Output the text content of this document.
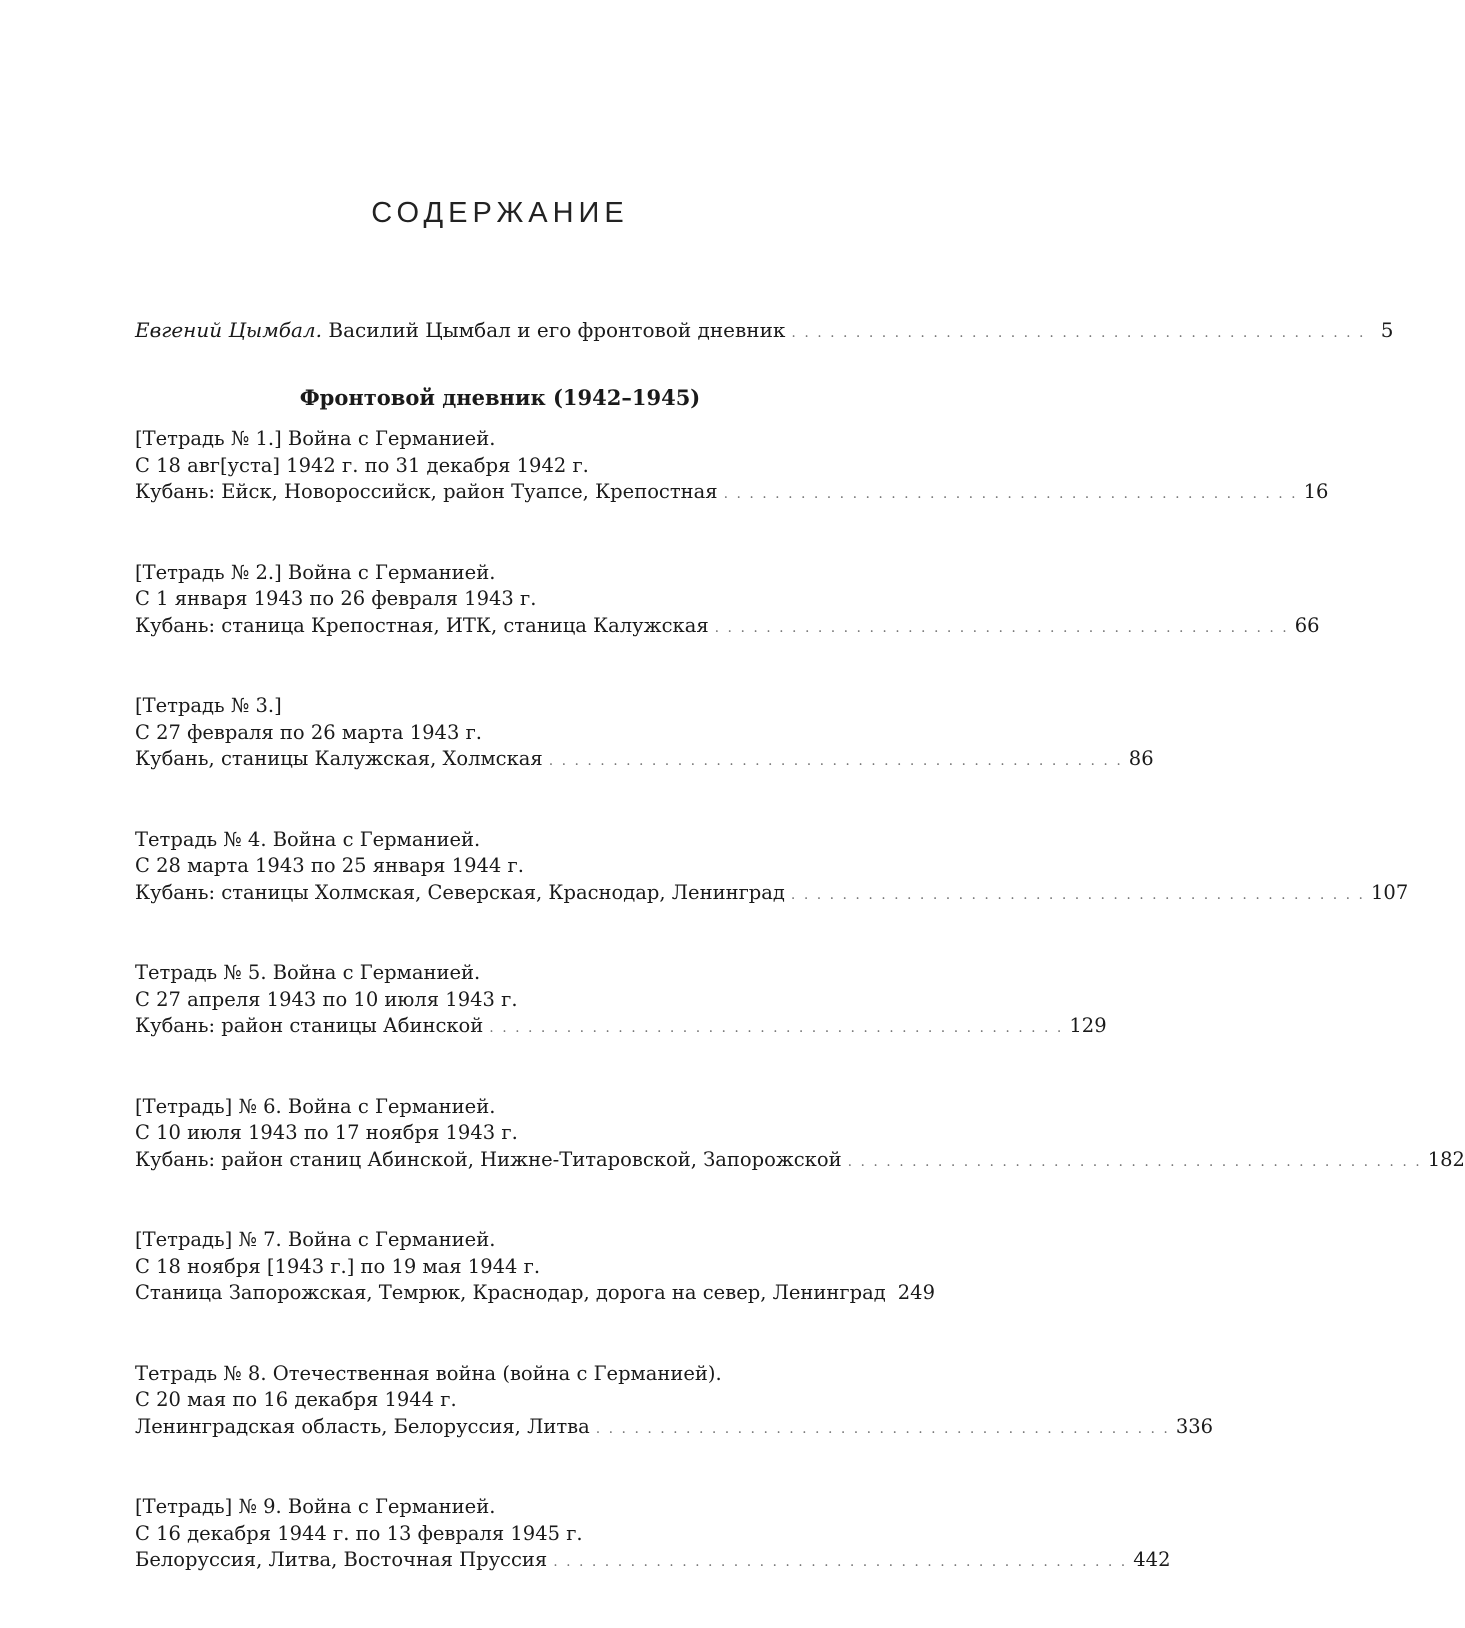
СОДЕРЖАНИЕ
Евгений Цымбал. Василий Цымбал и его фронтовой дневник . . . . . . . . . . . . . . . . . . . . . . . . . . . . . . . . . . . . . . . . . . . . . 5
Фронтовой дневник (1942–1945)
[Тетрадь № 1.] Война с Германией.
С 18 авг[уста] 1942 г. по 31 декабря 1942 г.
Кубань: Ейск, Новороссийск, район Туапсе, Крепостная . . . . . . . . . . . . . . . . . . . . . . . . . . . . . . . . . . . . . . . . . . . . . 16
[Тетрадь № 2.] Война с Германией.
С 1 января 1943 по 26 февраля 1943 г.
Кубань: станица Крепостная, ИТК, станица Калужская . . . . . . . . . . . . . . . . . . . . . . . . . . . . . . . . . . . . . . . . . . . . . 66
[Тетрадь № 3.]
С 27 февраля по 26 марта 1943 г.
Кубань, станицы Калужская, Холмская . . . . . . . . . . . . . . . . . . . . . . . . . . . . . . . . . . . . . . . . . . . . . 86
Тетрадь № 4. Война с Германией.
С 28 марта 1943 по 25 января 1944 г.
Кубань: станицы Холмская, Северская, Краснодар, Ленинград . . . . . . . . . . . . . . . . . . . . . . . . . . . . . . . . . . . . . . . . . . . . . 107
Тетрадь № 5. Война с Германией.
С 27 апреля 1943 по 10 июля 1943 г.
Кубань: район станицы Абинской . . . . . . . . . . . . . . . . . . . . . . . . . . . . . . . . . . . . . . . . . . . . . 129
[Тетрадь] № 6. Война с Германией.
С 10 июля 1943 по 17 ноября 1943 г.
Кубань: район станиц Абинской, Нижне-Титаровской, Запорожской . . . . . . . . . . . . . . . . . . . . . . . . . . . . . . . . . . . . . . . . . . . . . 182
[Тетрадь] № 7. Война с Германией.
С 18 ноября [1943 г.] по 19 мая 1944 г.
Станица Запорожская, Темрюк, Краснодар, дорога на север, Ленинград 249
Тетрадь № 8. Отечественная война (война с Германией).
С 20 мая по 16 декабря 1944 г.
Ленинградская область, Белоруссия, Литва . . . . . . . . . . . . . . . . . . . . . . . . . . . . . . . . . . . . . . . . . . . . . 336
[Тетрадь] № 9. Война с Германией.
С 16 декабря 1944 г. по 13 февраля 1945 г.
Белоруссия, Литва, Восточная Пруссия . . . . . . . . . . . . . . . . . . . . . . . . . . . . . . . . . . . . . . . . . . . . . 442
